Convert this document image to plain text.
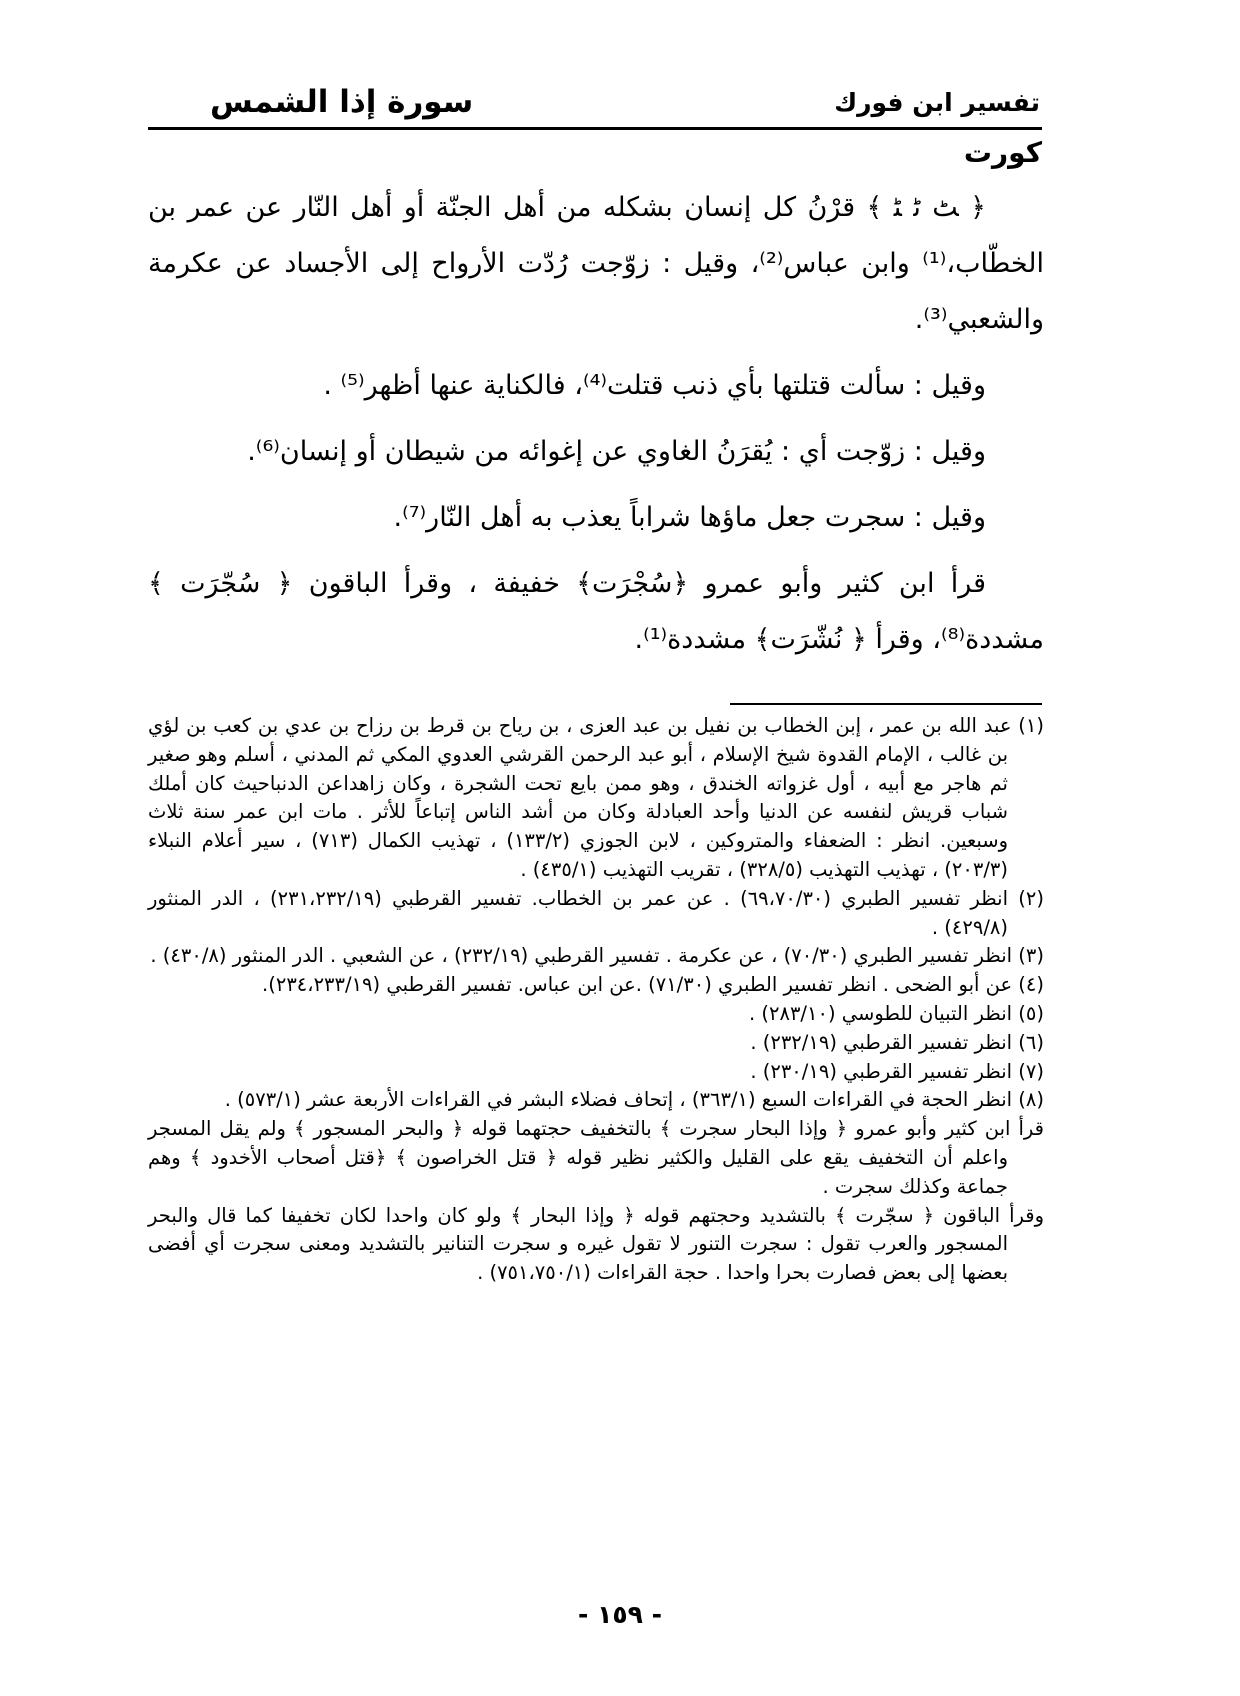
تفسير ابن فورك
سورة إذا الشمس
كورت

﴿ ﭧ ﭨ ﭩ ﴾ قرْنُ كل إنسان بشكله من أهل الجنّة أو أهل النّار عن عمر بن الخطّاب،⁽¹⁾ وابن عباس⁽²⁾، وقيل : زوّجت رُدّت الأرواح إلى الأجساد عن عكرمة والشعبي⁽³⁾.

وقيل : سألت قتلتها بأي ذنب قتلت⁽⁴⁾، فالكناية عنها أظهر⁽⁵⁾ .

وقيل : زوّجت أي : يُقرَنُ الغاوي عن إغوائه من شيطان أو إنسان⁽⁶⁾.

وقيل : سجرت جعل ماؤها شراباً يعذب به أهل النّار⁽⁷⁾.

قرأ ابن كثير وأبو عمرو ﴿سُجْرَت﴾ خفيفة ، وقرأ الباقون ﴿ سُجّرَت ﴾ مشددة⁽⁸⁾، وقرأ ﴿ نُشّرَت﴾ مشددة⁽¹⁾.

(١) عبد الله بن عمر ، إبن الخطاب بن نفيل بن عبد العزى ، بن رياح بن قرط بن رزاح بن عدي بن كعب بن لؤي بن غالب ، الإمام القدوة شيخ الإسلام ، أبو عبد الرحمن القرشي العدوي المكي ثم المدني ، أسلم وهو صغير ثم هاجر مع أبيه ، أول غزواته الخندق ، وهو ممن بايع تحت الشجرة ، وكان زاهداعن الدنباحيث كان أملك شباب قريش لنفسه عن الدنيا وأحد العبادلة وكان من أشد الناس إتباعاً للأثر . مات ابن عمر سنة ثلاث وسبعين. انظر : الضعفاء والمتروكين ، لابن الجوزي (١٣٣/٢) ، تهذيب الكمال (٧١٣) ، سير أعلام النبلاء (٢٠٣/٣) ، تهذيب التهذيب (٣٢٨/٥) ، تقريب التهذيب (٤٣٥/١) .

(٢) انظر تفسير الطبري (٦٩،٧٠/٣٠) . عن عمر بن الخطاب. تفسير القرطبي (٢٣١،٢٣٢/١٩) ، الدر المنثور (٤٢٩/٨) .

(٣) انظر تفسير الطبري (٧٠/٣٠) ، عن عكرمة . تفسير القرطبي (٢٣٢/١٩) ، عن الشعبي . الدر المنثور (٤٣٠/٨) .

(٤) عن أبو الضحى . انظر تفسير الطبري (٧١/٣٠) .عن ابن عباس. تفسير القرطبي (٢٣٤،٢٣٣/١٩).

(٥) انظر التبيان للطوسي (٢٨٣/١٠) .

(٦) انظر تفسير القرطبي (٢٣٢/١٩) .

(٧) انظر تفسير القرطبي (٢٣٠/١٩) .

(٨) انظر الحجة في القراءات السبع (٣٦٣/١) ، إتحاف فضلاء البشر في القراءات الأربعة عشر (٥٧٣/١) .

قرأ ابن كثير وأبو عمرو ﴿ وإذا البحار سجرت ﴾ بالتخفيف حجتهما قوله ﴿ والبحر المسجور ﴾ ولم يقل المسجر واعلم أن التخفيف يقع على القليل والكثير نظير قوله ﴿ قتل الخراصون ﴾ ﴿قتل أصحاب الأخدود ﴾ وهم جماعة وكذلك سجرت .

وقرأ الباقون ﴿ سجّرت ﴾ بالتشديد وحجتهم قوله ﴿ وإذا البحار ﴾ ولو كان واحدا لكان تخفيفا كما قال والبحر المسجور والعرب تقول : سجرت التنور لا تقول غيره و سجرت التنانير بالتشديد ومعنى سجرت أي أفضى بعضها إلى بعض فصارت بحرا واحدا . حجة القراءات (٧٥١،٧٥٠/١) .

- ١٥٩ -
